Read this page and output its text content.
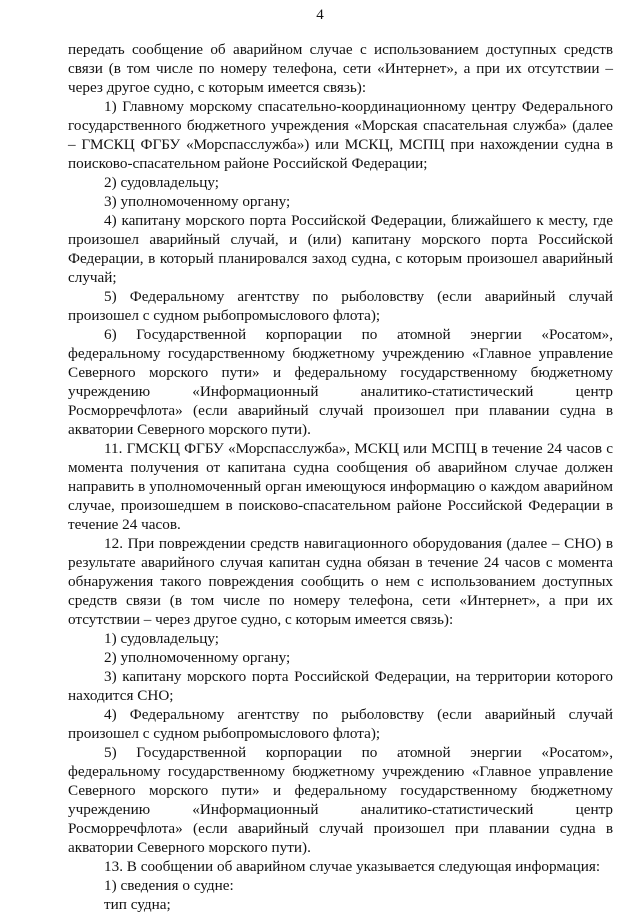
4

передать сообщение об аварийном случае с использованием доступных средств связи (в том числе по номеру телефона, сети «Интернет», а при их отсутствии – через другое судно, с которым имеется связь):

1) Главному морскому спасательно-координационному центру Федерального государственного бюджетного учреждения «Морская спасательная служба» (далее – ГМСКЦ ФГБУ «Морспасслужба») или МСКЦ, МСПЦ при нахождении судна в поисково-спасательном районе Российской Федерации;

2) судовладельцу;

3) уполномоченному органу;

4) капитану морского порта Российской Федерации, ближайшего к месту, где произошел аварийный случай, и (или) капитану морского порта Российской Федерации, в который планировался заход судна, с которым произошел аварийный случай;

5) Федеральному агентству по рыболовству (если аварийный случай произошел с судном рыбопромыслового флота);

6) Государственной корпорации по атомной энергии «Росатом», федеральному государственному бюджетному учреждению «Главное управление Северного морского пути» и федеральному государственному бюджетному учреждению «Информационный аналитико-статистический центр Росморречфлота» (если аварийный случай произошел при плавании судна в акватории Северного морского пути).

11. ГМСКЦ ФГБУ «Морспасслужба», МСКЦ или МСПЦ в течение 24 часов с момента получения от капитана судна сообщения об аварийном случае должен направить в уполномоченный орган имеющуюся информацию о каждом аварийном случае, произошедшем в поисково-спасательном районе Российской Федерации в течение 24 часов.

12. При повреждении средств навигационного оборудования (далее – СНО) в результате аварийного случая капитан судна обязан в течение 24 часов с момента обнаружения такого повреждения сообщить о нем с использованием доступных средств связи (в том числе по номеру телефона, сети «Интернет», а при их отсутствии – через другое судно, с которым имеется связь):

1) судовладельцу;

2) уполномоченному органу;

3) капитану морского порта Российской Федерации, на территории которого находится СНО;

4) Федеральному агентству по рыболовству (если аварийный случай произошел с судном рыбопромыслового флота);

5) Государственной корпорации по атомной энергии «Росатом», федеральному государственному бюджетному учреждению «Главное управление Северного морского пути» и федеральному государственному бюджетному учреждению «Информационный аналитико-статистический центр Росморречфлота» (если аварийный случай произошел при плавании судна в акватории Северного морского пути).

13. В сообщении об аварийном случае указывается следующая информация:

1) сведения о судне:

тип судна;
